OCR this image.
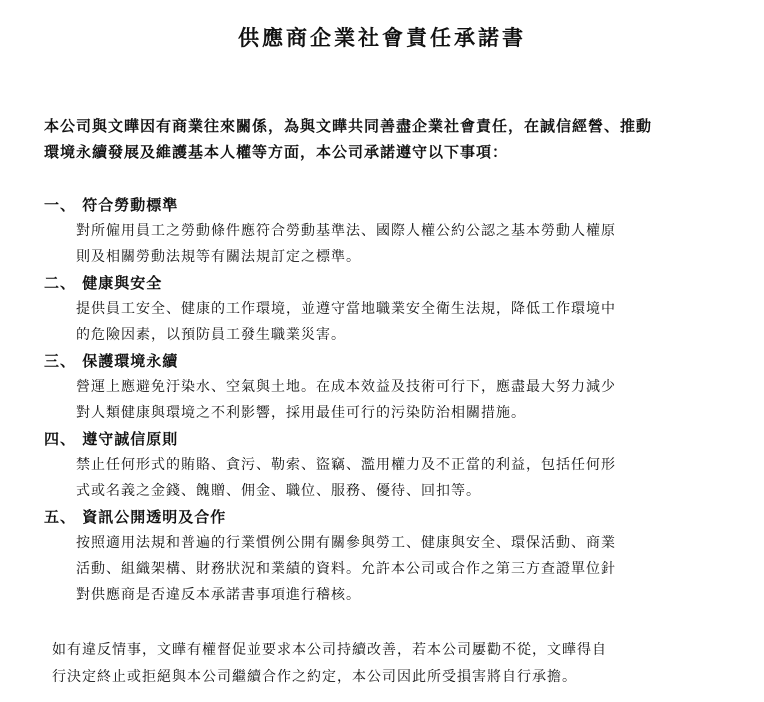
供應商企業社會責任承諾書
本公司與文曄因有商業往來關係，為與文曄共同善盡企業社會責任，在誠信經營、推動
環境永續發展及維護基本人權等方面，本公司承諾遵守以下事項：
一、 符合勞動標準
對所僱用員工之勞動條件應符合勞動基準法、國際人權公約公認之基本勞動人權原
則及相關勞動法規等有關法規訂定之標準。
二、 健康與安全
提供員工安全、健康的工作環境，並遵守當地職業安全衛生法規，降低工作環境中
的危險因素，以預防員工發生職業災害。
三、 保護環境永續
營運上應避免汙染水、空氣與土地。在成本效益及技術可行下，應盡最大努力減少
對人類健康與環境之不利影響，採用最佳可行的污染防治相關措施。
四、 遵守誠信原則
禁止任何形式的賄賂、貪污、勒索、盜竊、濫用權力及不正當的利益，包括任何形
式或名義之金錢、餽贈、佣金、職位、服務、優待、回扣等。
五、 資訊公開透明及合作
按照適用法規和普遍的行業慣例公開有關參與勞工、健康與安全、環保活動、商業
活動、組織架構、財務狀況和業績的資料。允許本公司或合作之第三方查證單位針
對供應商是否違反本承諾書事項進行稽核。
如有違反情事，文曄有權督促並要求本公司持續改善，若本公司屢勸不從，文曄得自
行決定終止或拒絕與本公司繼續合作之約定，本公司因此所受損害將自行承擔。
